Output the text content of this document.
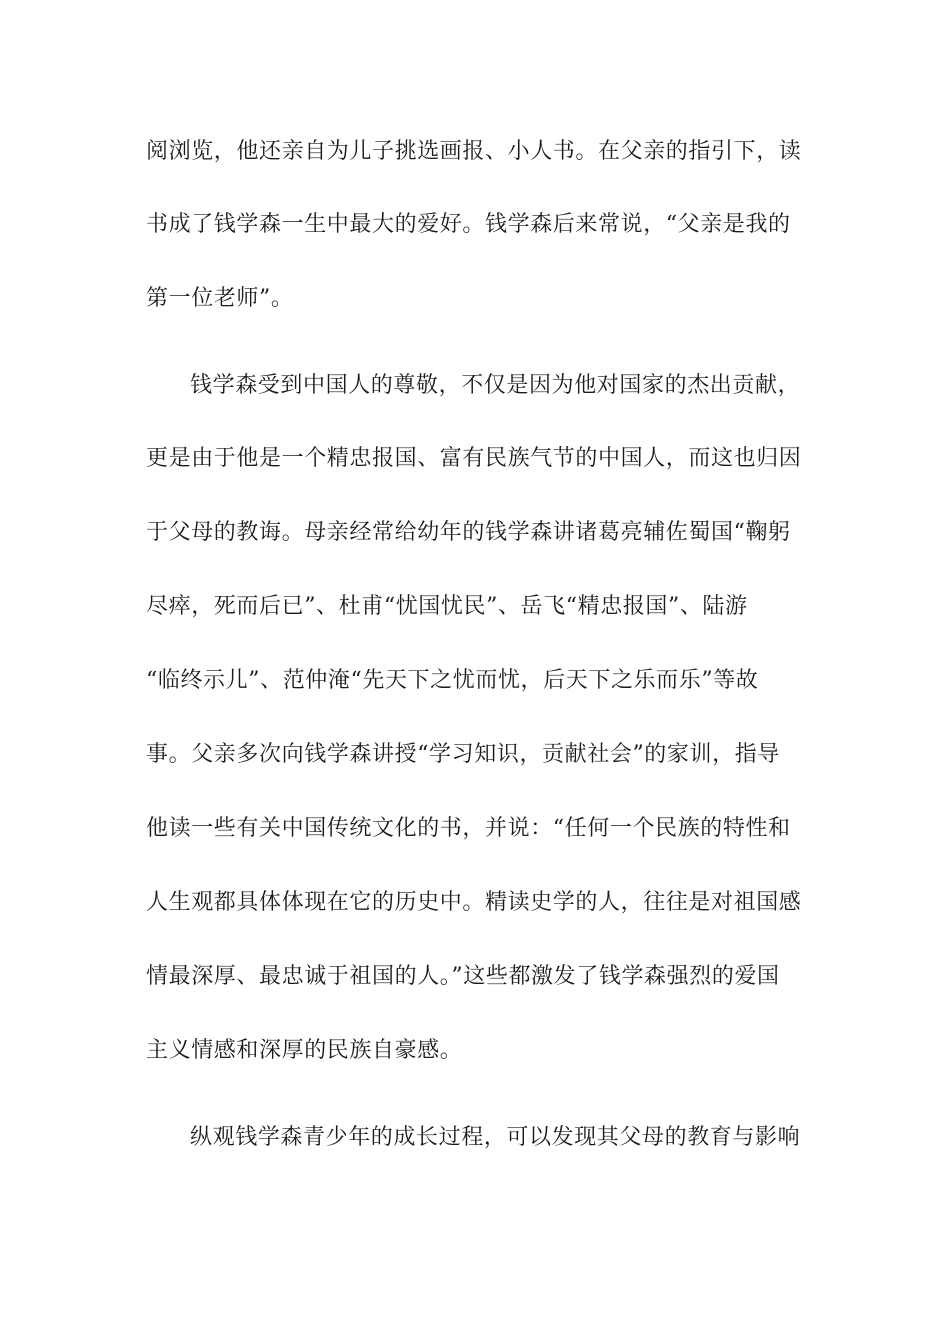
阅浏览，他还亲自为儿子挑选画报、小人书。在父亲的指引下，读
书成了钱学森一生中最大的爱好。钱学森后来常说，“父亲是我的
第一位老师”。
钱学森受到中国人的尊敬，不仅是因为他对国家的杰出贡献，
更是由于他是一个精忠报国、富有民族气节的中国人，而这也归因
于父母的教诲。母亲经常给幼年的钱学森讲诸葛亮辅佐蜀国“鞠躬
尽瘁，死而后已”、杜甫“忧国忧民”、岳飞“精忠报国”、陆游
“临终示儿”、范仲淹“先天下之忧而忧，后天下之乐而乐”等故
事。父亲多次向钱学森讲授“学习知识，贡献社会”的家训，指导
他读一些有关中国传统文化的书，并说：“任何一个民族的特性和
人生观都具体体现在它的历史中。精读史学的人，往往是对祖国感
情最深厚、最忠诚于祖国的人。”这些都激发了钱学森强烈的爱国
主义情感和深厚的民族自豪感。
纵观钱学森青少年的成长过程，可以发现其父母的教育与影响
